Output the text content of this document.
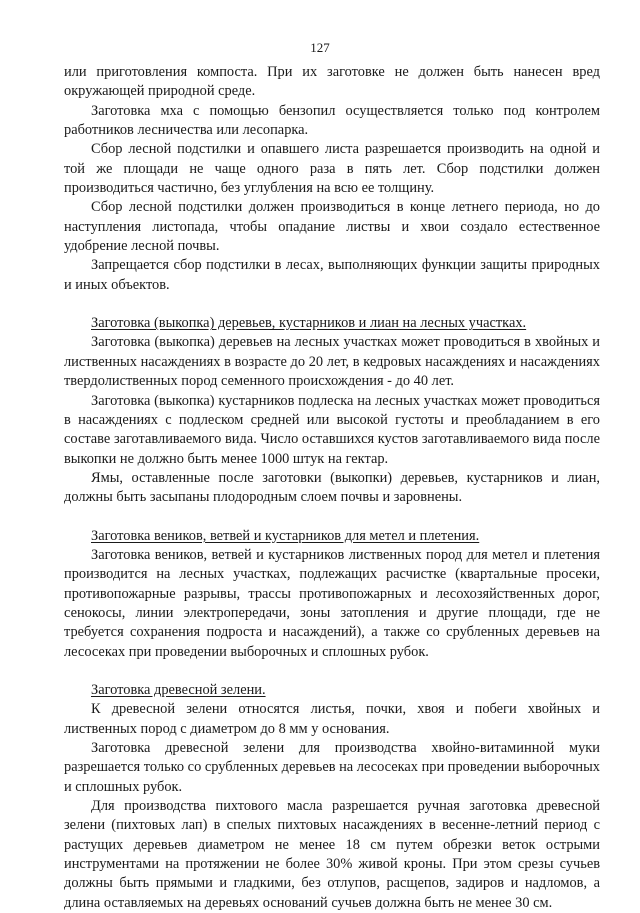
127

или приготовления компоста. При их заготовке не должен быть нанесен вред окружающей природной среде.

Заготовка мха с помощью бензопил осуществляется только под контролем работников лесничества или лесопарка.

Сбор лесной подстилки и опавшего листа разрешается производить на одной и той же площади не чаще одного раза в пять лет. Сбор подстилки должен производиться частично, без углубления на всю ее толщину.

Сбор лесной подстилки должен производиться в конце летнего периода, но до наступления листопада, чтобы опадание листвы и хвои создало естественное удобрение лесной почвы.

Запрещается сбор подстилки в лесах, выполняющих функции защиты природных и иных объектов.

Заготовка (выкопка) деревьев, кустарников и лиан на лесных участках.

Заготовка (выкопка) деревьев на лесных участках может проводиться в хвойных и лиственных насаждениях в возрасте до 20 лет, в кедровых насаждениях и насаждениях твердолиственных пород семенного происхождения - до 40 лет.

Заготовка (выкопка) кустарников подлеска на лесных участках может проводиться в насаждениях с подлеском средней или высокой густоты и преобладанием в его составе заготавливаемого вида. Число оставшихся кустов заготавливаемого вида после выкопки не должно быть менее 1000 штук на гектар.

Ямы, оставленные после заготовки (выкопки) деревьев, кустарников и лиан, должны быть засыпаны плодородным слоем почвы и заровнены.

Заготовка веников, ветвей и кустарников для метел и плетения.

Заготовка веников, ветвей и кустарников лиственных пород для метел и плетения производится на лесных участках, подлежащих расчистке (квартальные просеки, противопожарные разрывы, трассы противопожарных и лесохозяйственных дорог, сенокосы, линии электропередачи, зоны затопления и другие площади, где не требуется сохранения подроста и насаждений), а также со срубленных деревьев на лесосеках при проведении выборочных и сплошных рубок.

Заготовка древесной зелени.

К древесной зелени относятся листья, почки, хвоя и побеги хвойных и лиственных пород с диаметром до 8 мм у основания.

Заготовка древесной зелени для производства хвойно-витаминной муки разрешается только со срубленных деревьев на лесосеках при проведении выборочных и сплошных рубок.

Для производства пихтового масла разрешается ручная заготовка древесной зелени (пихтовых лап) в спелых пихтовых насаждениях в весенне-летний период с растущих деревьев диаметром не менее 18 см путем обрезки веток острыми инструментами на протяжении не более 30% живой кроны. При этом срезы сучьев должны быть прямыми и гладкими, без отлупов, расщепов, задиров и надломов, а длина оставляемых на деревьях оснований сучьев должна быть не менее 30 см.
